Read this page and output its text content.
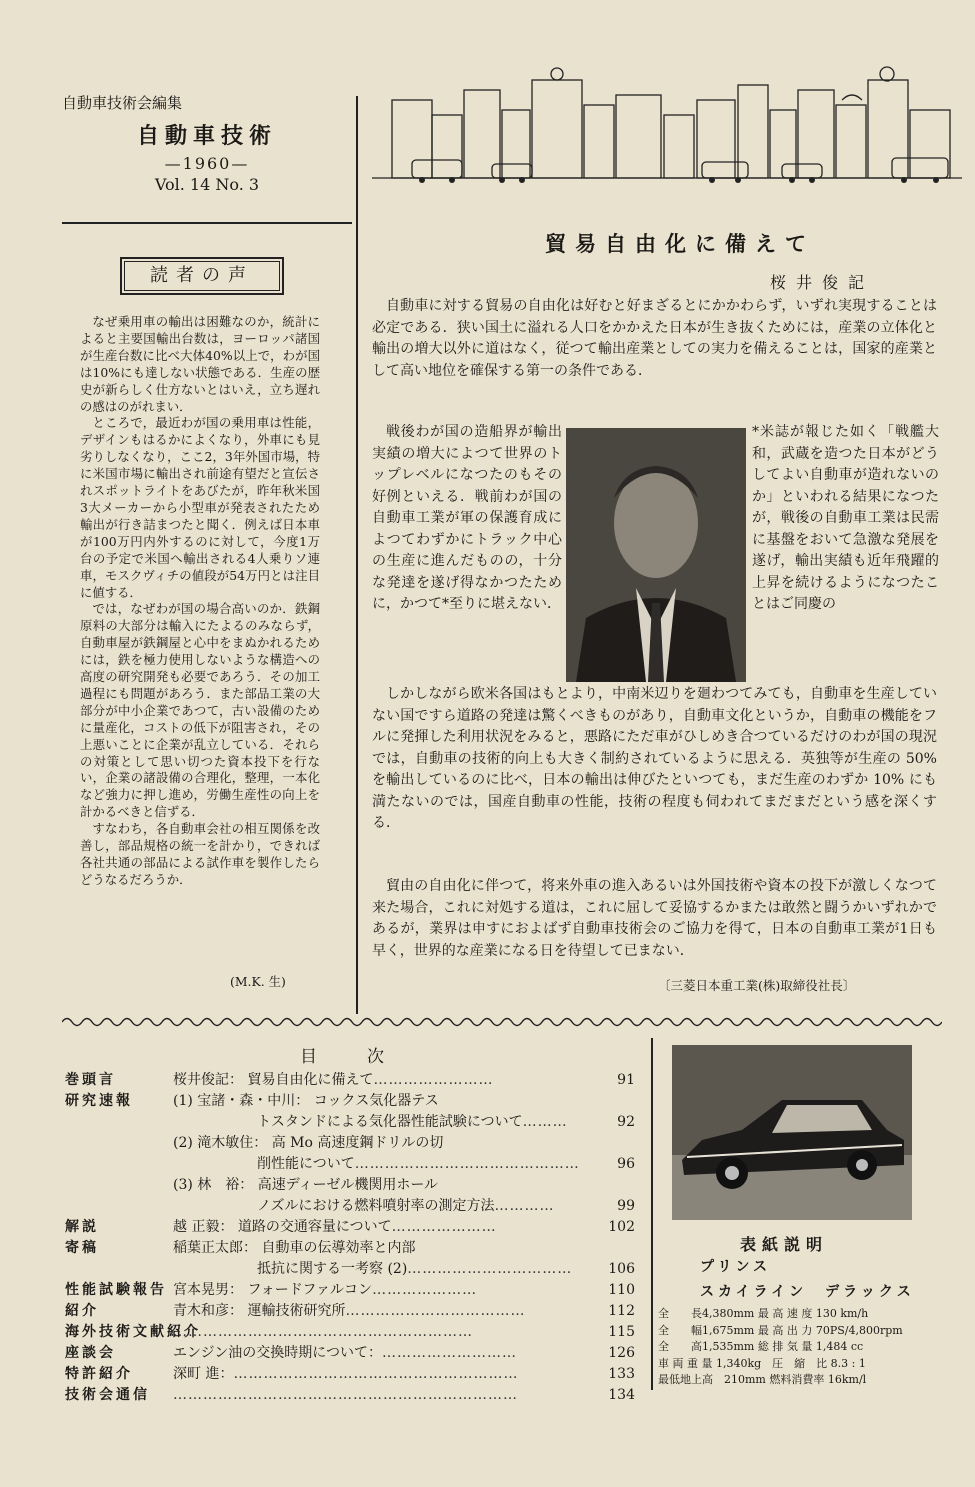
自動車技術会編集
自動車技術
—1960—
Vol. 14 No. 3
読者の声

なぜ乗用車の輸出は困難なのか，統計によると主要国輸出台数は，ヨーロッパ諸国が生産台数に比べ大体40%以上で，わが国は10%にも達しない状態である．生産の歴史が新らしく仕方ないとはいえ，立ち遅れの感はのがれまい．

ところで，最近わが国の乗用車は性能，デザインもはるかによくなり，外車にも見劣りしなくなり，ここ2，3年外国市場，特に米国市場に輸出され前途有望だと宣伝されスポットライトをあびたが，昨年秋米国3大メーカーから小型車が発表されたため輸出が行き詰まつたと聞く．例えば日本車が100万円内外するのに対して，今度1万台の予定で米国へ輸出される4人乗りソ連車，モスクヴィチの値段が54万円とは注目に値する．

では，なぜわが国の場合高いのか．鉄鋼原料の大部分は輸入にたよるのみならず，自動車屋が鉄鋼屋と心中をまぬかれるためには，鉄を極力使用しないような構造への高度の研究開発も必要であろう．その加工過程にも問題があろう．また部品工業の大部分が中小企業であつて，古い設備のために量産化，コストの低下が阻害され，その上悪いことに企業が乱立している．それらの対策として思い切つた資本投下を行ない，企業の諸設備の合理化，整理，一本化など強力に押し進め，労働生産性の向上を計かるべきと信ずる．

すなわち，各自動車会社の相互関係を改善し，部品規格の統一を計かり，できれば各社共通の部品による試作車を製作したらどうなるだろうか．

(M.K. 生)
貿易自由化に備えて
桜井俊記
自動車に対する貿易の自由化は好むと好まざるとにかかわらず，いずれ実現することは必定である．狭い国土に溢れる人口をかかえた日本が生き抜くためには，産業の立体化と輸出の増大以外に道はなく，従つて輸出産業としての実力を備えることは，国家的産業として高い地位を確保する第一の条件である．
戦後わが国の造船界が輸出実績の増大によつて世界のトップレベルになつたのもその好例といえる．戦前わが国の自動車工業が軍の保護育成によつてわずかにトラック中心の生産に進んだものの，十分な発達を遂げ得なかつたために，かつて*至りに堪えない．
*米誌が報じた如く「戦艦大和，武蔵を造つた日本がどうしてよい自動車が造れないのか」といわれる結果になつたが，戦後の自動車工業は民需に基盤をおいて急激な発展を遂げ，輸出実績も近年飛躍的上昇を続けるようになつたことはご同慶の
しかしながら欧米各国はもとより，中南米辺りを廻わつてみても，自動車を生産していない国ですら道路の発達は驚くべきものがあり，自動車文化というか，自動車の機能をフルに発揮した利用状況をみると，悪路にただ車がひしめき合つているだけのわが国の現況では，自動車の技術的向上も大きく制約されているように思える．英独等が生産の 50% を輸出しているのに比べ，日本の輸出は伸びたといつても，まだ生産のわずか 10% にも満たないのでは，国産自動車の性能，技術の程度も伺われてまだまだという感を深くする．
貿由の自由化に伴つて，将来外車の進入あるいは外国技術や資本の投下が激しくなつて来た場合，これに対処する道は，これに屈して妥協するかまたは敢然と闘うかいずれかであるが，業界は申すにおよばず自動車技術会のご協力を得て，日本の自動車工業が1日も早く，世界的な産業になる日を待望して已まない．
〔三菱日本重工業(株)取締役社長〕
目次
巻頭言	桜井俊記： 貿易自由化に備えて……………………	91
研究速報	(1) 宝諸・森・中川： コックス気化器テス
　　　　　　トスタンドによる気化器性能試験について………	92
(2) 滝木敏住： 高 Mo 高速度鋼ドリルの切
　　　　　　削性能について………………………………………	96
(3) 林　裕： 高速ディーゼル機関用ホール
　　　　　　ノズルにおける燃料噴射率の測定方法…………	99
解説	越 正毅： 道路の交通容量について…………………	102
寄稿	稲葉正太郎： 自動車の伝導効率と内部
　　　　　　抵抗に関する一考察 (2)……………………………	106
性能試験報告 宮本晃男： フォードファルコン…………………	110
紹介	青木和彦： 運輸技術研究所………………………………	112
海外技術文献紹介……………………………………………………	115
座談会	エンジン油の交換時期について：………………………	126
特許紹介	深町 進：…………………………………………………	133
技術会通信 ……………………………………………………………	134
表紙説明
プリンス
スカイライン　デラックス
全　　長4,380mm 最 高 速 度 130 km/h
全　　幅1,675mm 最 高 出 力 70PS/4,800rpm
全　　高1,535mm 総 排 気 量 1,484 cc
車 両 重 量 1,340kg　圧　縮　比 8.3 : 1
最低地上高　210mm 燃料消費率 16km/l
